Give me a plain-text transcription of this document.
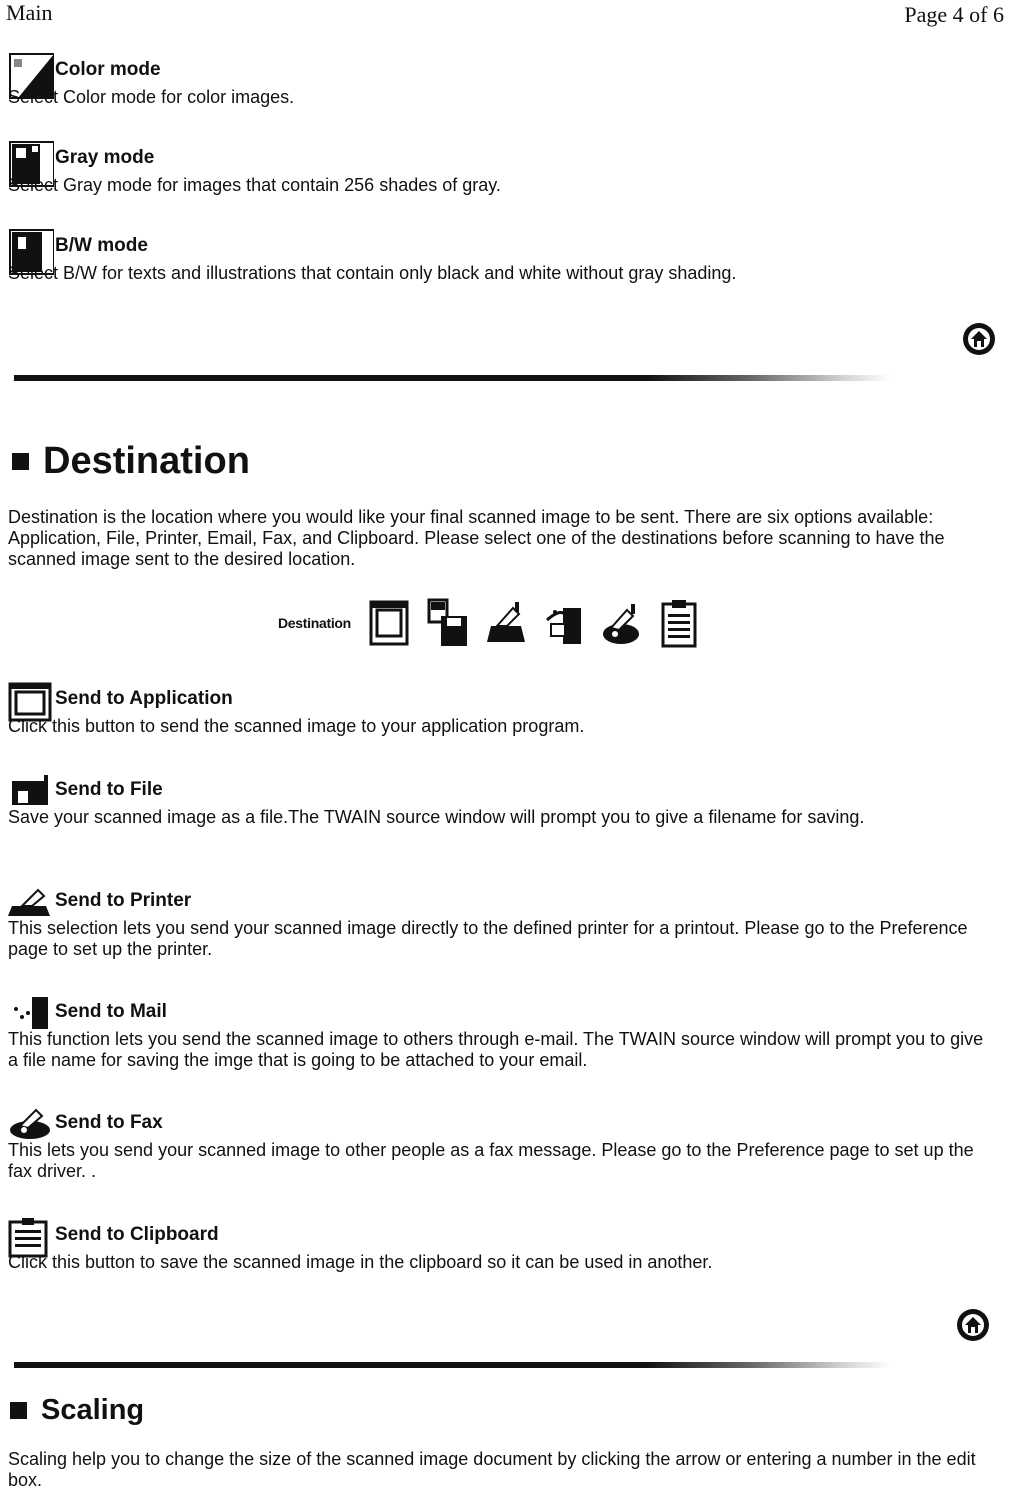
Main	Page 4 of 6
Color mode
Select Color mode for color images.
Gray mode
Select Gray mode for images that contain 256 shades of gray.
B/W mode
Select B/W for texts and illustrations that contain only black and white without gray shading.
Destination
Destination is the location where you would like your final scanned image to be sent. There are six options available: Application, File, Printer, Email, Fax, and Clipboard. Please select one of the destinations before scanning to have the scanned image sent to the desired location.
Destination
Send to Application
Click this button to send the scanned image to your application program.
Send to File
Save your scanned image as a file.The TWAIN source window will prompt you to give a filename for saving.
Send to Printer
This selection lets you send your scanned image directly to the defined printer for a printout. Please go to the Preference page to set up the printer.
Send to Mail
This function lets you send the scanned image to others through e-mail. The TWAIN source window will prompt you to give a file name for saving the imge that is going to be attached to your email.
Send to Fax
This lets you send your scanned image to other people as a fax message. Please go to the Preference page to set up the fax driver. .
Send to Clipboard
Click this button to save the scanned image in the clipboard so it can be used in another.
Scaling
Scaling help you to change the size of the scanned image document by clicking the arrow or entering a number in the edit box.
